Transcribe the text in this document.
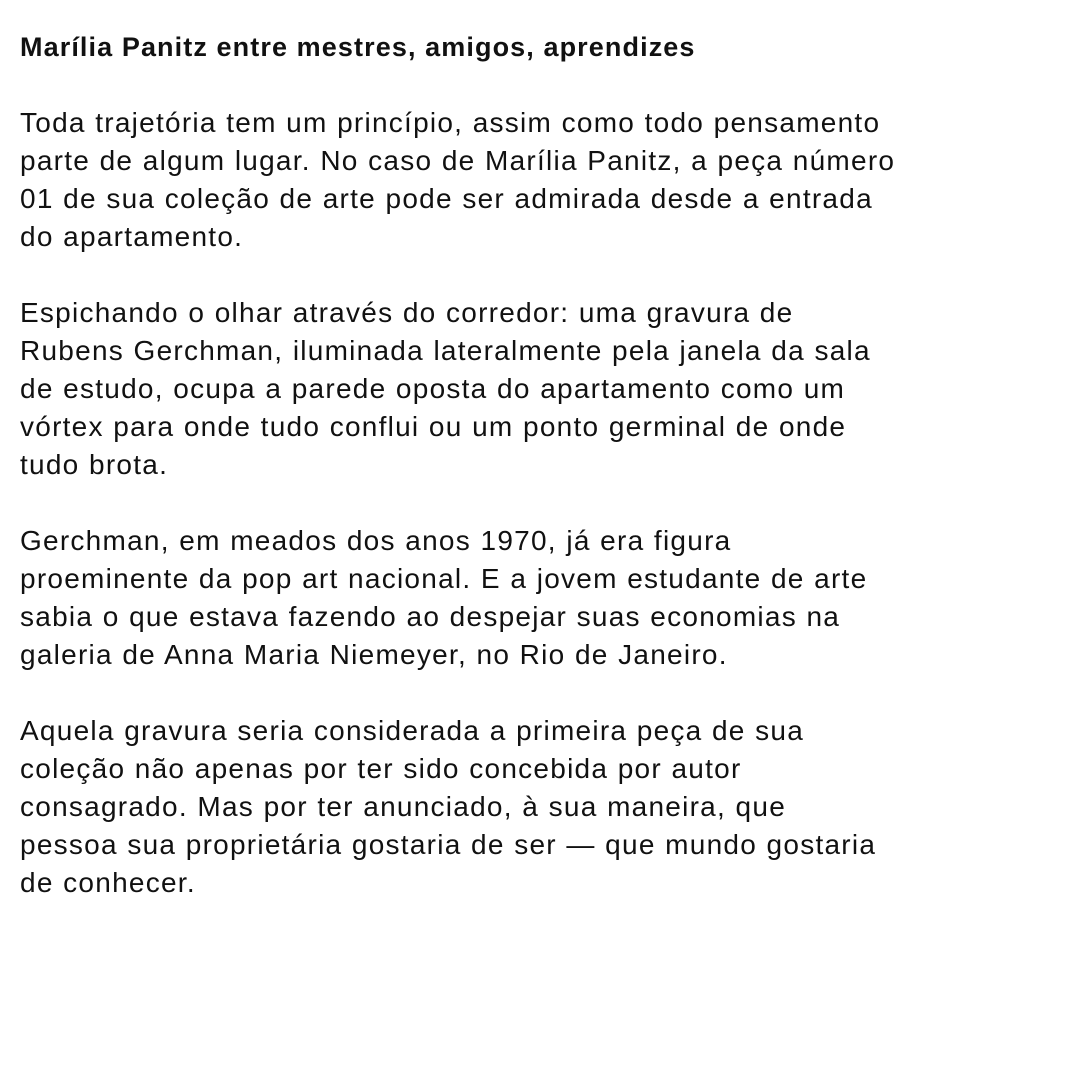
Marília Panitz entre mestres, amigos, aprendizes

Toda trajetória tem um princípio, assim como todo pensamento
parte de algum lugar. No caso de Marília Panitz, a peça número
01 de sua coleção de arte pode ser admirada desde a entrada
do apartamento.

Espichando o olhar através do corredor: uma gravura de
Rubens Gerchman, iluminada lateralmente pela janela da sala
de estudo, ocupa a parede oposta do apartamento como um
vórtex para onde tudo conflui ou um ponto germinal de onde
tudo brota.

Gerchman, em meados dos anos 1970, já era figura
proeminente da pop art nacional. E a jovem estudante de arte
sabia o que estava fazendo ao despejar suas economias na
galeria de Anna Maria Niemeyer, no Rio de Janeiro.

Aquela gravura seria considerada a primeira peça de sua
coleção não apenas por ter sido concebida por autor
consagrado. Mas por ter anunciado, à sua maneira, que
pessoa sua proprietária gostaria de ser — que mundo gostaria
de conhecer.
